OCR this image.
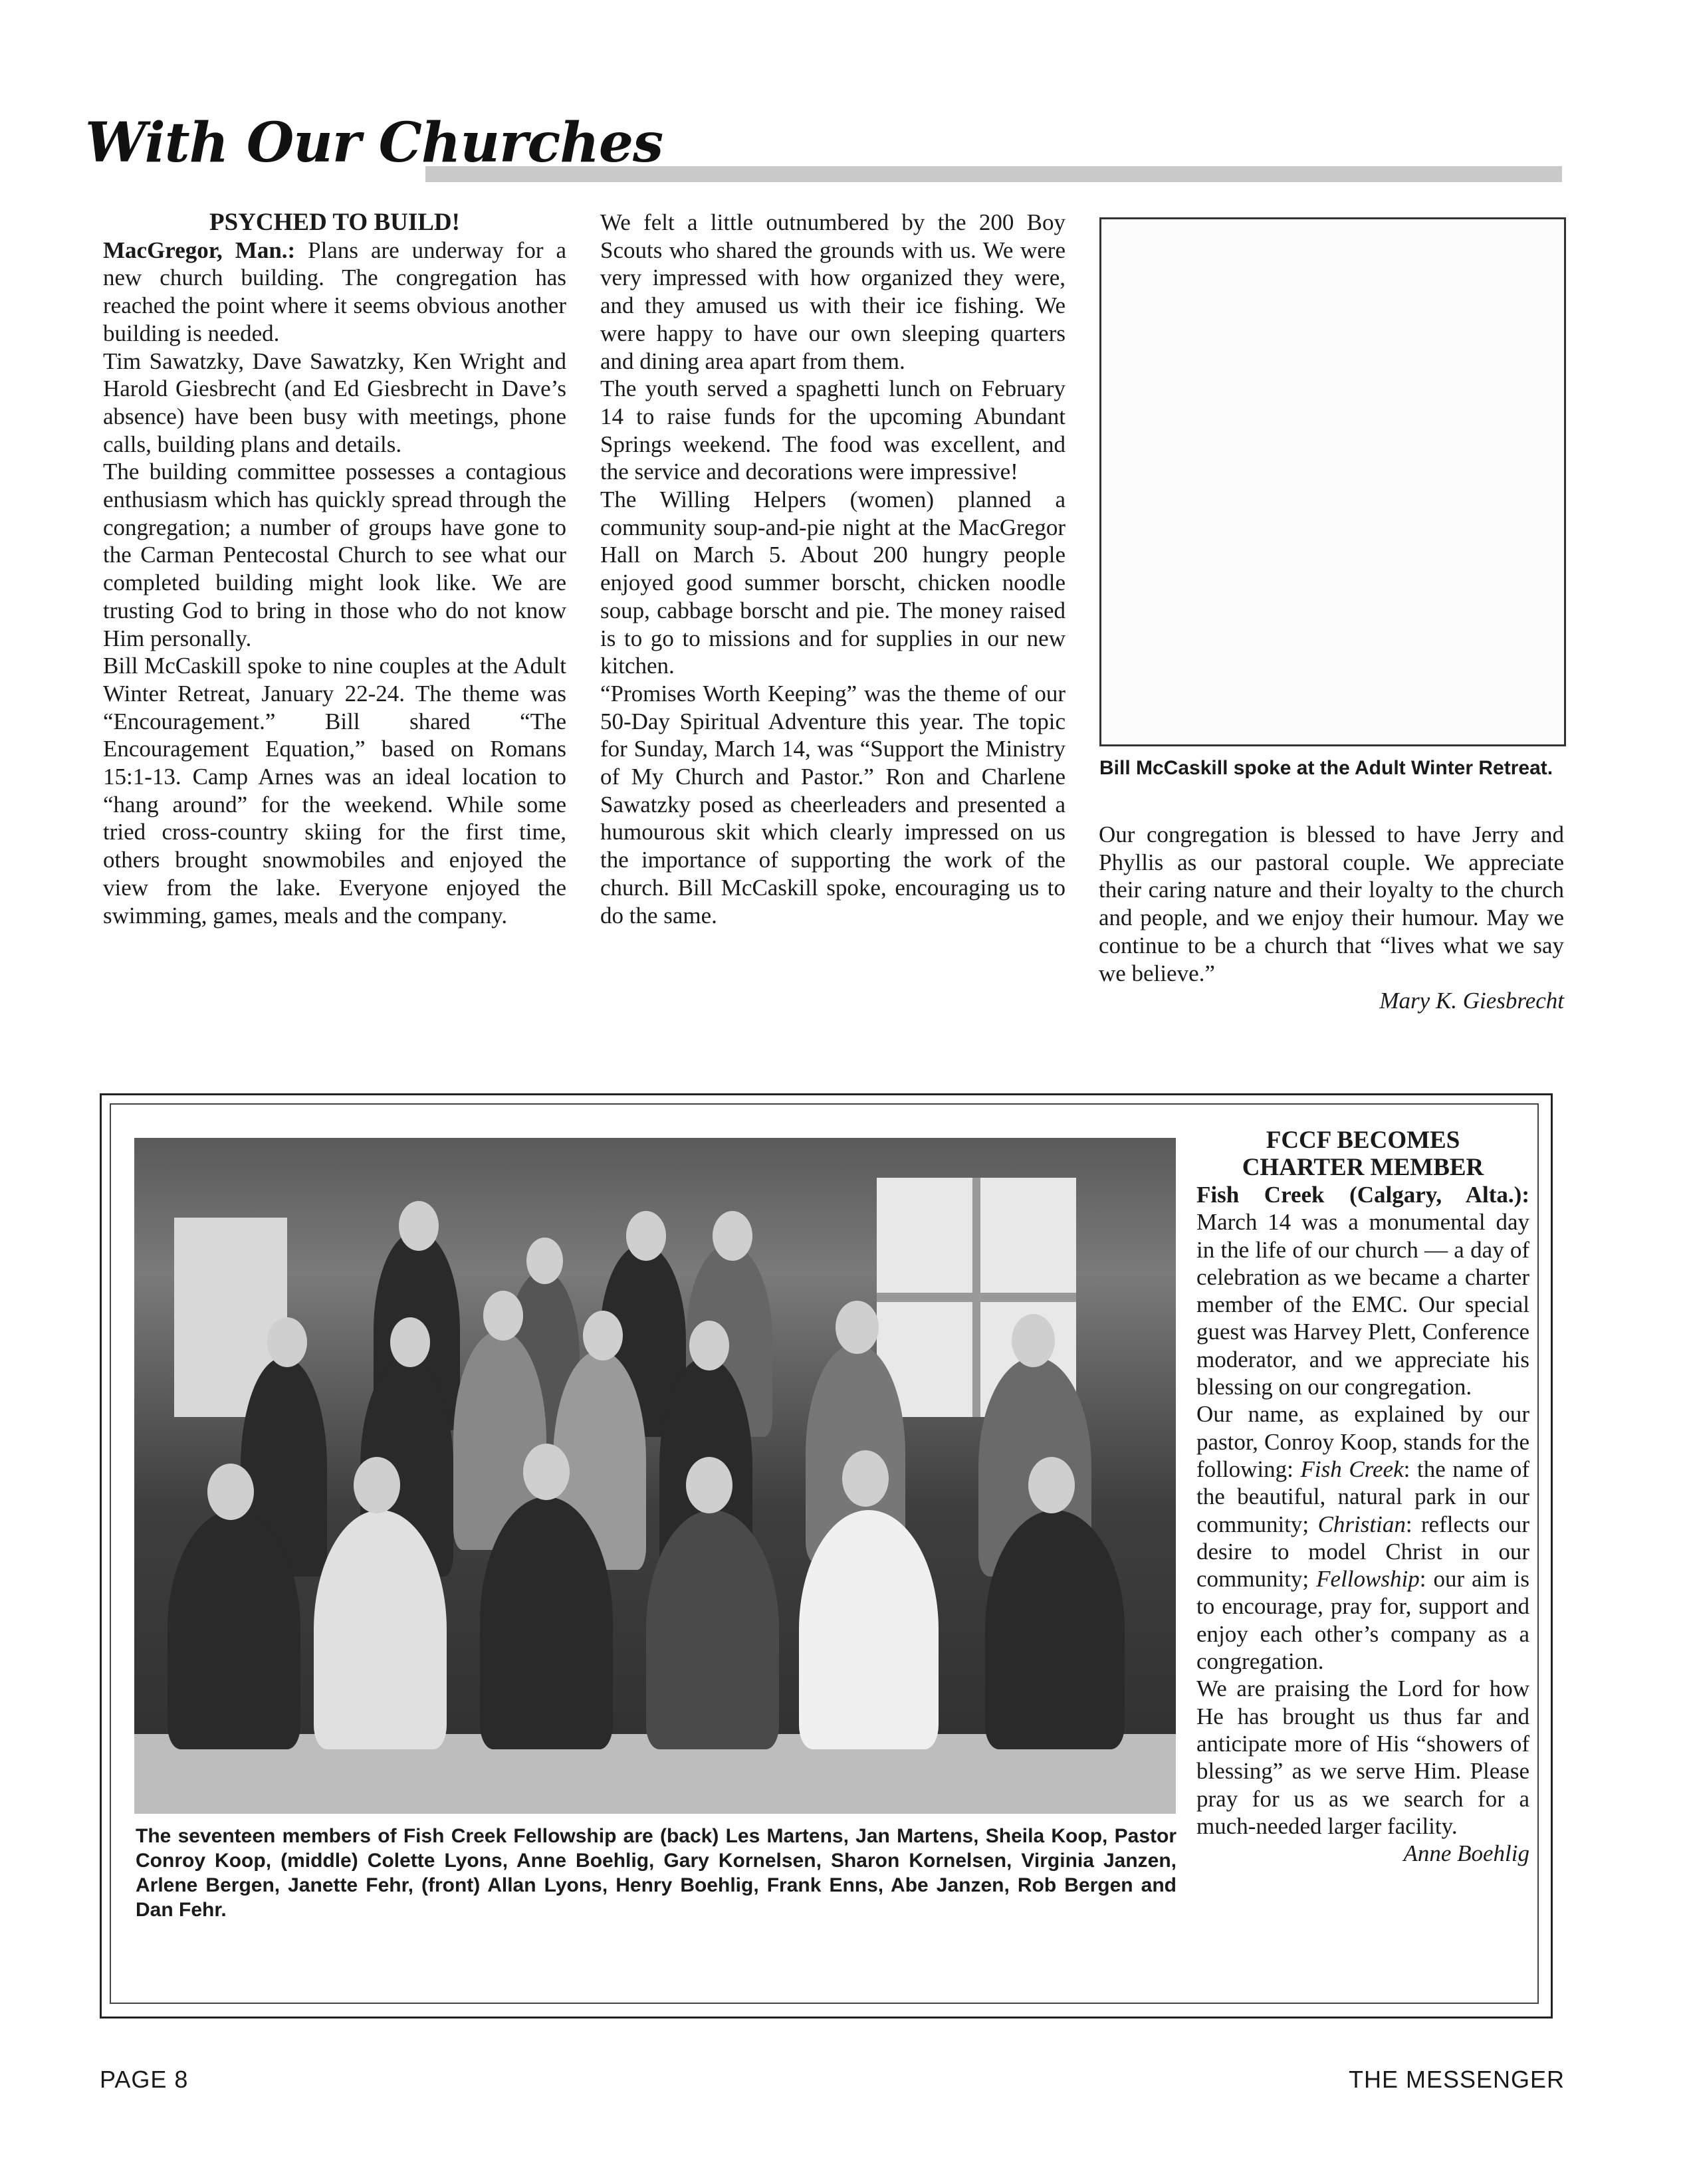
With Our Churches

PSYCHED TO BUILD!

MacGregor, Man.: Plans are underway for a new church building. The congregation has reached the point where it seems obvious another building is needed.

Tim Sawatzky, Dave Sawatzky, Ken Wright and Harold Giesbrecht (and Ed Giesbrecht in Dave’s absence) have been busy with meetings, phone calls, building plans and details.

The building committee possesses a contagious enthusiasm which has quickly spread through the congregation; a number of groups have gone to the Carman Pentecostal Church to see what our completed building might look like. We are trusting God to bring in those who do not know Him personally.

Bill McCaskill spoke to nine couples at the Adult Winter Retreat, January 22-24. The theme was “Encouragement.” Bill shared “The Encouragement Equation,” based on Romans 15:1-13. Camp Arnes was an ideal location to “hang around” for the weekend. While some tried cross-country skiing for the first time, others brought snowmobiles and enjoyed the view from the lake. Everyone enjoyed the swimming, games, meals and the company.

We felt a little outnumbered by the 200 Boy Scouts who shared the grounds with us. We were very impressed with how organized they were, and they amused us with their ice fishing. We were happy to have our own sleeping quarters and dining area apart from them.

The youth served a spaghetti lunch on February 14 to raise funds for the upcoming Abundant Springs weekend. The food was excellent, and the service and decorations were impressive!

The Willing Helpers (women) planned a community soup-and-pie night at the MacGregor Hall on March 5. About 200 hungry people enjoyed good summer borscht, chicken noodle soup, cabbage borscht and pie. The money raised is to go to missions and for supplies in our new kitchen.

“Promises Worth Keeping” was the theme of our 50-Day Spiritual Adventure this year. The topic for Sunday, March 14, was “Support the Ministry of My Church and Pastor.” Ron and Charlene Sawatzky posed as cheerleaders and presented a humourous skit which clearly impressed on us the importance of supporting the work of the church. Bill McCaskill spoke, encouraging us to do the same.

Bill McCaskill spoke at the Adult Winter Retreat.

Our congregation is blessed to have Jerry and Phyllis as our pastoral couple. We appreciate their caring nature and their loyalty to the church and people, and we enjoy their humour. May we continue to be a church that “lives what we say we believe.”

Mary K. Giesbrecht

The seventeen members of Fish Creek Fellowship are (back) Les Martens, Jan Martens, Sheila Koop, Pastor Conroy Koop, (middle) Colette Lyons, Anne Boehlig, Gary Kornelsen, Sharon Kornelsen, Virginia Janzen, Arlene Bergen, Janette Fehr, (front) Allan Lyons, Henry Boehlig, Frank Enns, Abe Janzen, Rob Bergen and Dan Fehr.

FCCF BECOMES
CHARTER MEMBER

Fish Creek (Calgary, Alta.): March 14 was a monumental day in the life of our church — a day of celebration as we became a charter member of the EMC. Our special guest was Harvey Plett, Conference moderator, and we appreciate his blessing on our congregation.

Our name, as explained by our pastor, Conroy Koop, stands for the following: Fish Creek: the name of the beautiful, natural park in our community; Christian: reflects our desire to model Christ in our community; Fellowship: our aim is to encourage, pray for, support and enjoy each other’s company as a congregation.

We are praising the Lord for how He has brought us thus far and anticipate more of His “showers of blessing” as we serve Him. Please pray for us as we search for a much-needed larger facility.

Anne Boehlig

PAGE 8	THE MESSENGER
